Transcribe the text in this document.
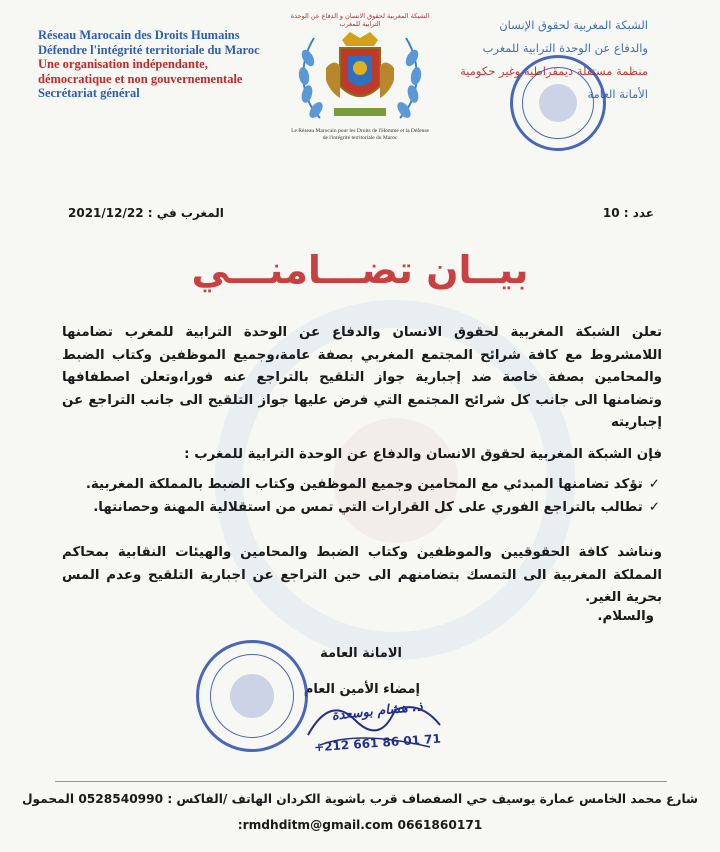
Réseau Marocain des Droits Humains
Défendre l'intégrité territoriale du Maroc
Une organisation indépendante, démocratique et non gouvernementale
Secrétariat général
الشبكة المغربية لحقوق الانسان و الدفاع عن الوحدة الترابية للمغرب
Le Réseau Marocain pour les Droits de l'Homme et la Défense de l'intégrité territoriale du Maroc
الشبكة المغربية لحقوق الإنسان
والدفاع عن الوحدة الترابية للمغرب
منظمة مستقلة ديمقراطية وغير حكومية
الأمانة العامة
المغرب في : 2021/12/22	عدد : 10
بيــان تضـــامنـــي
تعلن الشبكة المغربية لحقوق الانسان والدفاع عن الوحدة الترابية للمغرب تضامنها اللامشروط مع كافة شرائح المجتمع المغربي بصفة عامة،وجميع الموظفين وكتاب الضبط والمحامين بصفة خاصة ضد إجبارية جواز التلقيح بالتراجع عنه فورا،وتعلن اصطفافها وتضامنها الى جانب كل شرائح المجتمع التي فرض عليها جواز التلقيح الى جانب التراجع عن إجباريته
فإن الشبكة المغربية لحقوق الانسان والدفاع عن الوحدة الترابية للمغرب :
✓تؤكد تضامنها المبدئي مع المحامين وجميع الموظفين وكتاب الضبط بالمملكة المغربية.
✓تطالب بالتراجع الفوري على كل القرارات التي تمس من استقلالية المهنة وحصانتها.
ونناشد كافة الحقوقيين والموظفين وكتاب الضبط والمحامين والهيئات النقابية بمحاكم المملكة المغربية الى التمسك بتضامنهم الى حين التراجع عن اجبارية التلقيح وعدم المس بحرية الغير.
والسلام.
الامانة العامة
إمضاء الأمين العام
ذ. هشام بوسعدة
+212 661 86 01 71
شارع محمد الخامس عمارة يوسيف حي الصفصاف قرب باشوية الكردان الهاتف /الفاكس : 0528540990 المحمول
rmdhditm@gmail.com 0661860171:
